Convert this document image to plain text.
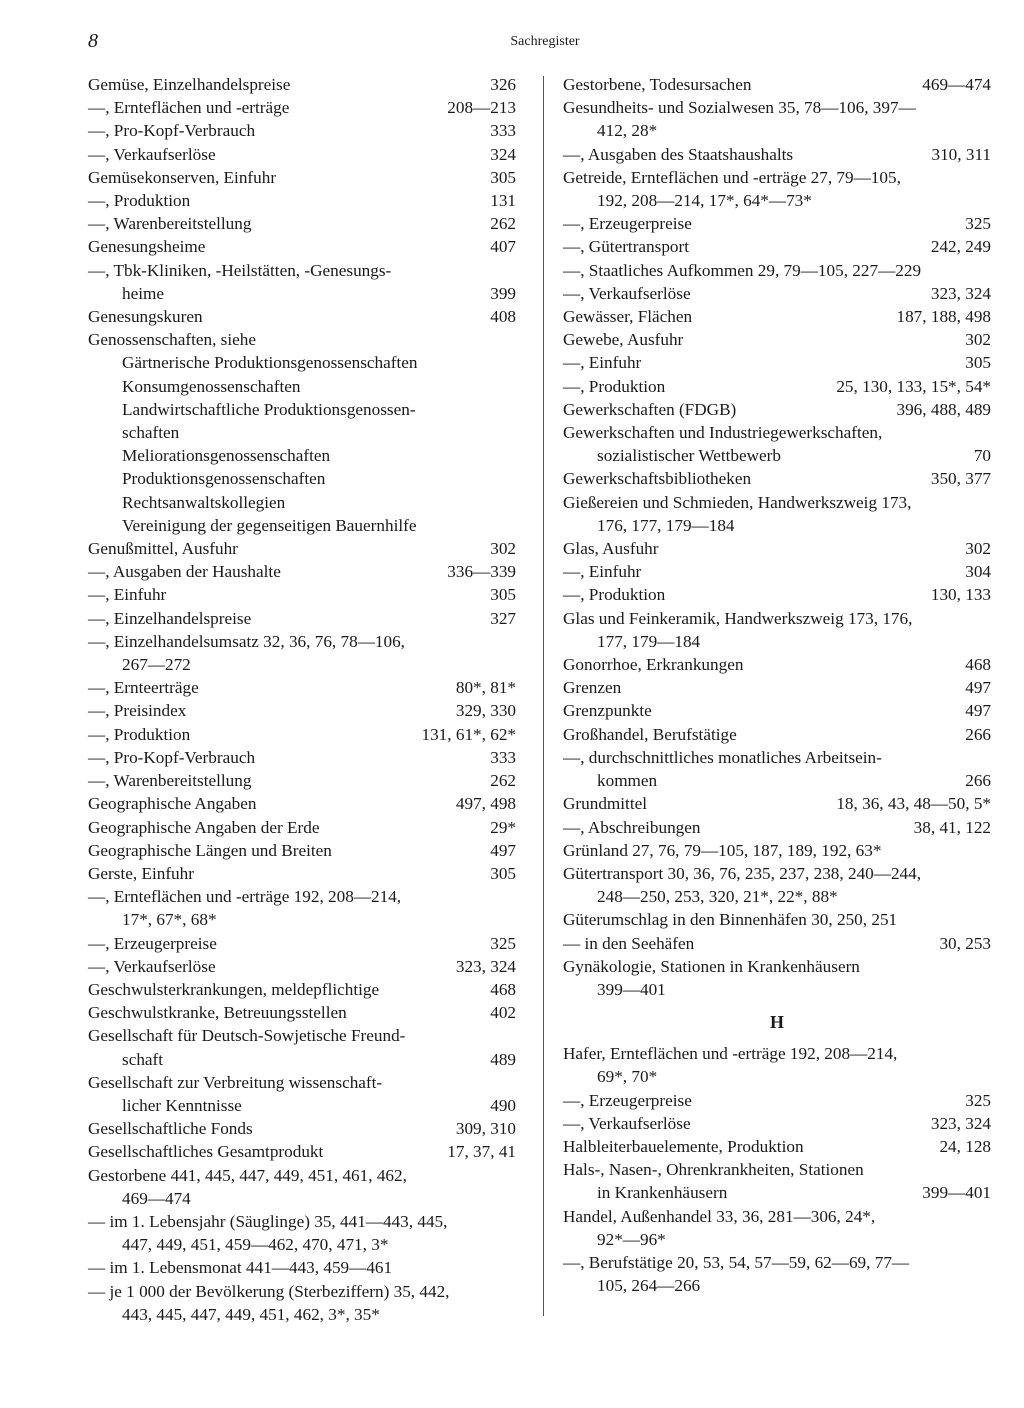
8	Sachregister
Gemüse, Einzelhandelspreise	326
—, Ernteflächen und -erträge	208—213
—, Pro-Kopf-Verbrauch	333
—, Verkaufserlöse	324
Gemüsekonserven, Einfuhr	305
—, Produktion	131
—, Warenbereitstellung	262
Genesungsheime	407
—, Tbk-Kliniken, -Heilstätten, -Genesungs-
heime	399
Genesungskuren	408
Genossenschaften, siehe
Gärtnerische Produktionsgenossenschaften
Konsumgenossenschaften
Landwirtschaftliche Produktionsgenossen-
schaften
Meliorationsgenossenschaften
Produktionsgenossenschaften
Rechtsanwaltskollegien
Vereinigung der gegenseitigen Bauernhilfe
Genußmittel, Ausfuhr	302
—, Ausgaben der Haushalte	336—339
—, Einfuhr	305
—, Einzelhandelspreise	327
—, Einzelhandelsumsatz 32, 36, 76, 78—106,
267—272
—, Ernteerträge	80*, 81*
—, Preisindex	329, 330
—, Produktion	131, 61*, 62*
—, Pro-Kopf-Verbrauch	333
—, Warenbereitstellung	262
Geographische Angaben	497, 498
Geographische Angaben der Erde	29*
Geographische Längen und Breiten	497
Gerste, Einfuhr	305
—, Ernteflächen und -erträge 192, 208—214,
17*, 67*, 68*
—, Erzeugerpreise	325
—, Verkaufserlöse	323, 324
Geschwulsterkrankungen, meldepflichtige	468
Geschwulstkranke, Betreuungsstellen	402
Gesellschaft für Deutsch-Sowjetische Freund-
schaft	489
Gesellschaft zur Verbreitung wissenschaft-
licher Kenntnisse	490
Gesellschaftliche Fonds	309, 310
Gesellschaftliches Gesamtprodukt	17, 37, 41
Gestorbene 441, 445, 447, 449, 451, 461, 462,
469—474
— im 1. Lebensjahr (Säuglinge) 35, 441—443, 445,
447, 449, 451, 459—462, 470, 471, 3*
— im 1. Lebensmonat 441—443, 459—461
— je 1 000 der Bevölkerung (Sterbeziffern) 35, 442,
443, 445, 447, 449, 451, 462, 3*, 35*
Gestorbene, Todesursachen	469—474
Gesundheits- und Sozialwesen 35, 78—106, 397—
412, 28*
—, Ausgaben des Staatshaushalts	310, 311
Getreide, Ernteflächen und -erträge 27, 79—105,
192, 208—214, 17*, 64*—73*
—, Erzeugerpreise	325
—, Gütertransport	242, 249
—, Staatliches Aufkommen 29, 79—105, 227—229
—, Verkaufserlöse	323, 324
Gewässer, Flächen	187, 188, 498
Gewebe, Ausfuhr	302
—, Einfuhr	305
—, Produktion	25, 130, 133, 15*, 54*
Gewerkschaften (FDGB)	396, 488, 489
Gewerkschaften und Industriegewerkschaften,
sozialistischer Wettbewerb	70
Gewerkschaftsbibliotheken	350, 377
Gießereien und Schmieden, Handwerkszweig 173,
176, 177, 179—184
Glas, Ausfuhr	302
—, Einfuhr	304
—, Produktion	130, 133
Glas und Feinkeramik, Handwerkszweig 173, 176,
177, 179—184
Gonorrhoe, Erkrankungen	468
Grenzen	497
Grenzpunkte	497
Großhandel, Berufstätige	266
—, durchschnittliches monatliches Arbeitsein-
kommen	266
Grundmittel	18, 36, 43, 48—50, 5*
—, Abschreibungen	38, 41, 122
Grünland 27, 76, 79—105, 187, 189, 192, 63*
Gütertransport 30, 36, 76, 235, 237, 238, 240—244,
248—250, 253, 320, 21*, 22*, 88*
Güterumschlag in den Binnenhäfen 30, 250, 251
— in den Seehäfen	30, 253
Gynäkologie, Stationen in Krankenhäusern
399—401
H
Hafer, Ernteflächen und -erträge 192, 208—214,
69*, 70*
—, Erzeugerpreise	325
—, Verkaufserlöse	323, 324
Halbleiterbauelemente, Produktion	24, 128
Hals-, Nasen-, Ohrenkrankheiten, Stationen
in Krankenhäusern	399—401
Handel, Außenhandel 33, 36, 281—306, 24*,
92*—96*
—, Berufstätige 20, 53, 54, 57—59, 62—69, 77—
105, 264—266
